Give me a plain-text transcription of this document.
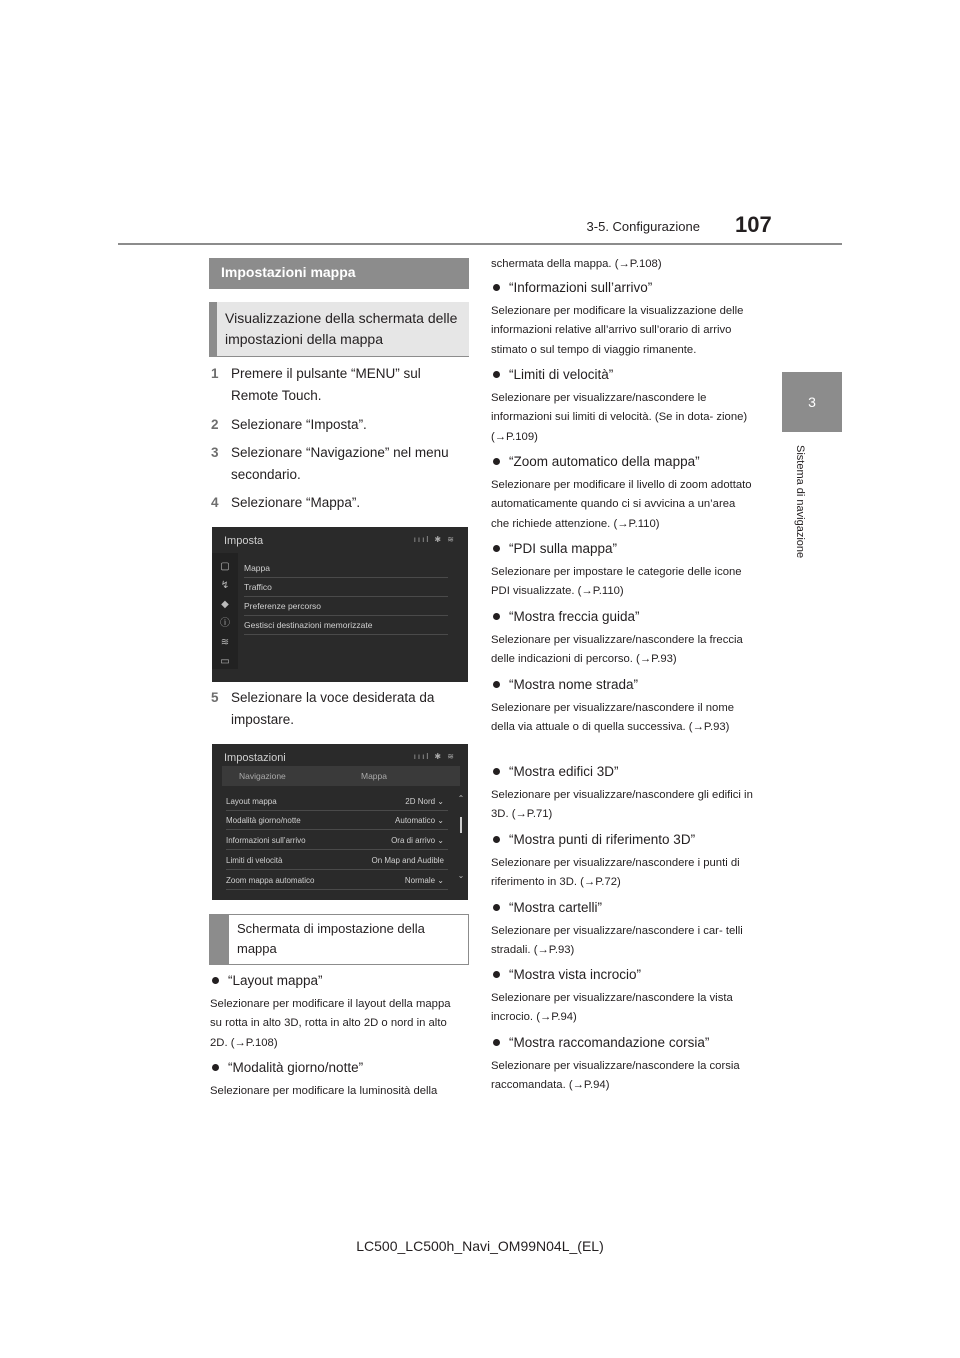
3-5. Configurazione 107
3
Sistema di navigazione
Impostazioni mappa
Visualizzazione della schermata delle impostazioni della mappa
1 Premere il pulsante “MENU” sul Remote Touch.
2 Selezionare “Imposta”.
3 Selezionare “Navigazione” nel menu secondario.
4 Selezionare “Mappa”.
Imposta	ıııl ✱ ≋
▢
↯
◆
ⓘ
≋
▭
Mappa
Traffico
Preferenze percorso
Gestisci destinazioni memorizzate
5 Selezionare la voce desiderata da impostare.
Impostazioni	ıııl ✱ ≋
Navigazione	Mappa
Layout mappa	2D Nord ⌄
Modalità giorno/notte	Automatico ⌄
Informazioni sull’arrivo	Ora di arrivo ⌄
Limiti di velocità	On Map and Audible
Zoom mappa automatico	Normale ⌄
⌃
⌄
Schermata di impostazione della mappa
“Layout mappa”
Selezionare per modificare il layout della mappa su rotta in alto 3D, rotta in alto 2D o nord in alto 2D. (→P.108)
“Modalità giorno/notte”
Selezionare per modificare la luminosità della
schermata della mappa. (→P.108)
“Informazioni sull’arrivo”
Selezionare per modificare la visualizzazione delle informazioni relative all’arrivo sull’orario di arrivo stimato o sul tempo di viaggio rimanente.
“Limiti di velocità”
Selezionare per visualizzare/nascondere le informazioni sui limiti di velocità. (Se in dota- zione) (→P.109)
“Zoom automatico della mappa”
Selezionare per modificare il livello di zoom adottato automaticamente quando ci si avvicina a un’area che richiede attenzione. (→P.110)
“PDI sulla mappa”
Selezionare per impostare le categorie delle icone PDI visualizzate. (→P.110)
“Mostra freccia guida”
Selezionare per visualizzare/nascondere la freccia delle indicazioni di percorso. (→P.93)
“Mostra nome strada”
Selezionare per visualizzare/nascondere il nome della via attuale o di quella successiva. (→P.93)
“Mostra edifici 3D”
Selezionare per visualizzare/nascondere gli edifici in 3D. (→P.71)
“Mostra punti di riferimento 3D”
Selezionare per visualizzare/nascondere i punti di riferimento in 3D. (→P.72)
“Mostra cartelli”
Selezionare per visualizzare/nascondere i car- telli stradali. (→P.93)
“Mostra vista incrocio”
Selezionare per visualizzare/nascondere la vista incrocio. (→P.94)
“Mostra raccomandazione corsia”
Selezionare per visualizzare/nascondere la corsia raccomandata. (→P.94)
LC500_LC500h_Navi_OM99N04L_(EL)
